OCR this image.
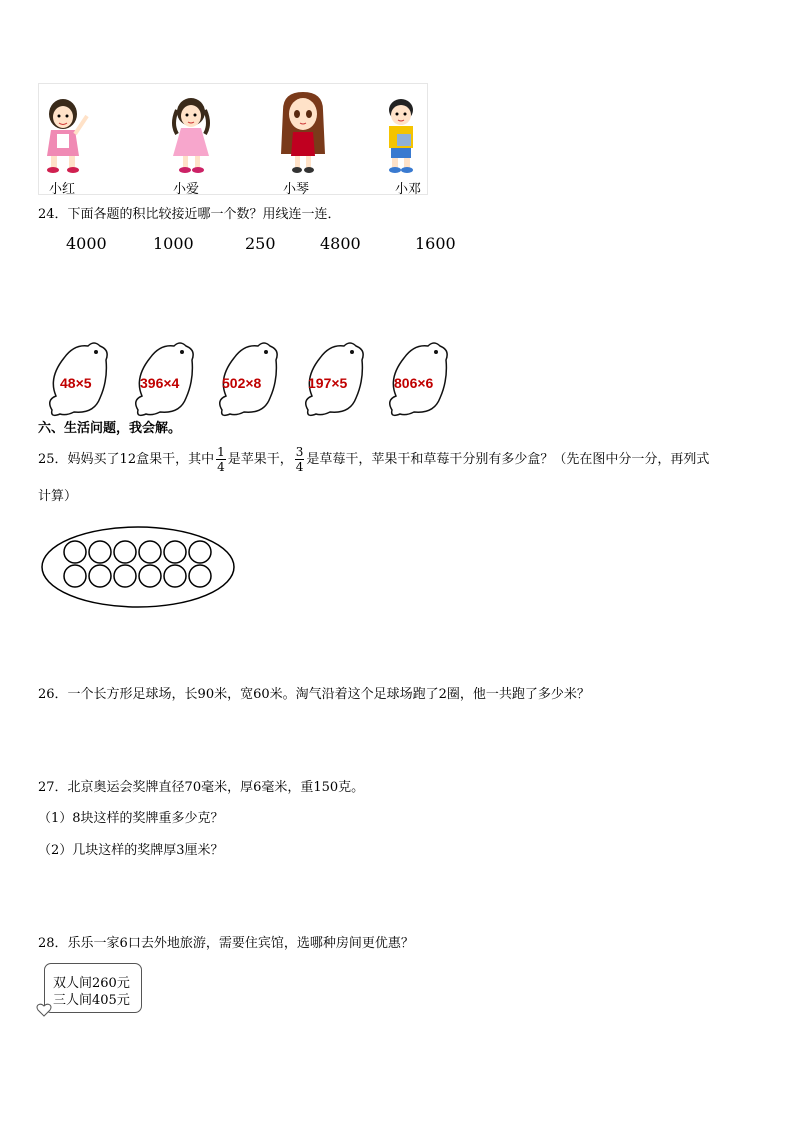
小红	小爱	小琴	小邓
24．下面各题的积比较接近哪一个数？用线连一连．
4000	1000	250	4800	1600
48×5	396×4	502×8	197×5	806×6
六、生活问题，我会解。
25．妈妈买了12盒果干，其中 $\frac{1}{4}$ 是苹果干， $\frac{3}{4}$ 是草莓干，苹果干和草莓干分别有多少盒？（先在图中分一分，再列式
计算）
26．一个长方形足球场，长90米，宽60米。淘气沿着这个足球场跑了2圈，他一共跑了多少米？
27．北京奥运会奖牌直径70毫米，厚6毫米，重150克。
（1）8块这样的奖牌重多少克？
（2）几块这样的奖牌厚3厘米？
28．乐乐一家6口去外地旅游，需要住宾馆，选哪种房间更优惠？
双人间260元
三人间405元
